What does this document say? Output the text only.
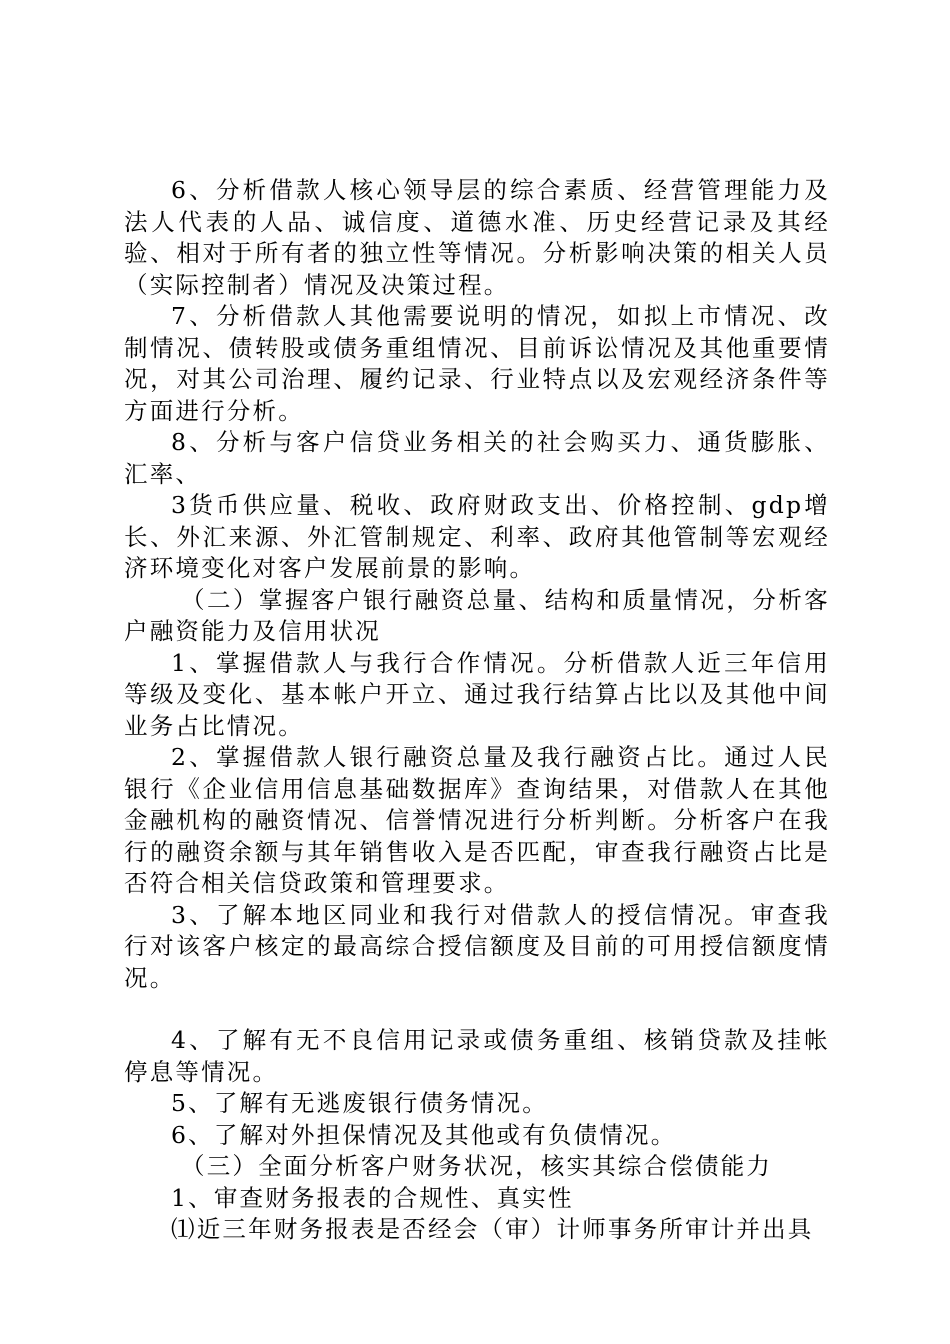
6、分析借款人核心领导层的综合素质、经营管理能力及法人代表的人品、诚信度、道德水准、历史经营记录及其经验、相对于所有者的独立性等情况。分析影响决策的相关人员（实际控制者）情况及决策过程。

7、分析借款人其他需要说明的情况，如拟上市情况、改制情况、债转股或债务重组情况、目前诉讼情况及其他重要情况，对其公司治理、履约记录、行业特点以及宏观经济条件等方面进行分析。

8、分析与客户信贷业务相关的社会购买力、通货膨胀、汇率、

3货币供应量、税收、政府财政支出、价格控制、gdp增长、外汇来源、外汇管制规定、利率、政府其他管制等宏观经济环境变化对客户发展前景的影响。

（二）掌握客户银行融资总量、结构和质量情况，分析客户融资能力及信用状况

1、掌握借款人与我行合作情况。分析借款人近三年信用等级及变化、基本帐户开立、通过我行结算占比以及其他中间业务占比情况。

2、掌握借款人银行融资总量及我行融资占比。通过人民银行《企业信用信息基础数据库》查询结果，对借款人在其他金融机构的融资情况、信誉情况进行分析判断。分析客户在我行的融资余额与其年销售收入是否匹配，审查我行融资占比是否符合相关信贷政策和管理要求。

3、了解本地区同业和我行对借款人的授信情况。审查我行对该客户核定的最高综合授信额度及目前的可用授信额度情况。

4、了解有无不良信用记录或债务重组、核销贷款及挂帐停息等情况。

5、了解有无逃废银行债务情况。

6、了解对外担保情况及其他或有负债情况。

（三）全面分析客户财务状况，核实其综合偿债能力

1、审查财务报表的合规性、真实性

⑴近三年财务报表是否经会（审）计师事务所审计并出具
